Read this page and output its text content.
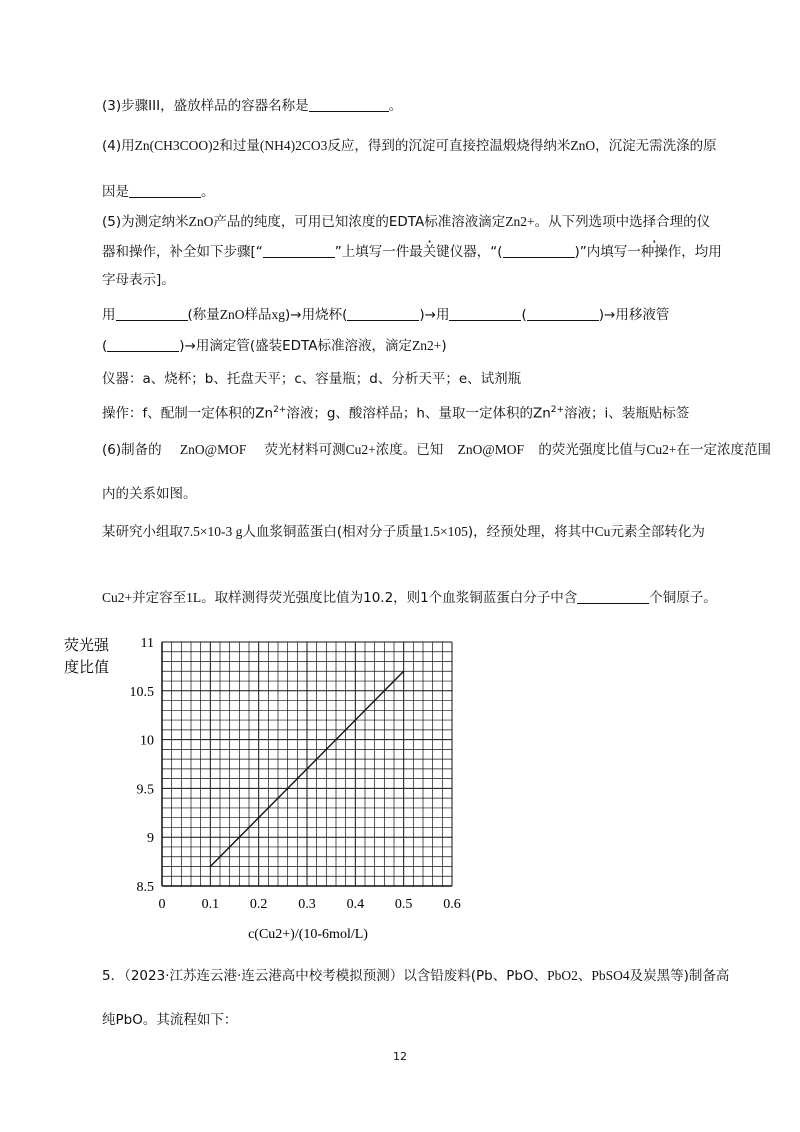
(3)步骤III，盛放样品的容器名称是	。
(4)用Zn(CH3COO)2和过量(NH4)2CO3反应，得到的沉淀可直接控温煅烧得纳米ZnO，沉淀无需洗涤的原
因是	。
(5)为测定纳米ZnO产品的纯度，可用已知浓度的EDTA标准溶液滴定Zn2+。从下列选项中选择合理的仪
器和操作，补全如下步骤[“	”上填写一件最关键仪器 ·，“(	)”内填写一种操作，均用
字母表示]。
用	(称量ZnO样品xg)→用烧杯(	)→用	(	)→用移液管
(	)→用滴定管(盛装EDTA标准溶液，滴定Zn2+)
仪器：a、烧杯；b、托盘天平；c、容量瓶；d、分析天平；e、试剂瓶
操作：f、配制一定体积的$Zn^{2+}$溶液；g、酸溶样品；h、量取一定体积的$Zn^{2+}$溶液；i、装瓶贴标签
(6)制备的 ZnO@MOF 荧光材料可测Cu2+浓度。已知 ZnO@MOF 的荧光强度比值与Cu2+在一定浓度范围
内的关系如图。
某研究小组取7.5×10-3 g人血浆铜蓝蛋白(相对分子质量1.5×105)，经预处理，将其中Cu元素全部转化为
Cu2+并定容至1L。取样测得荧光强度比值为10.2，则1个血浆铜蓝蛋白分子中含	个铜原子。
0	0.1 0.2 0.3 0.4 0.5 0.6
8.5
9
9.5
10
10.5
11
荧光强
度比值
c(Cu2+)/(10-6mol/L)
5．（2023·江苏连云港·连云港高中校考模拟预测）以含铅废料(Pb、PbO、PbO2、PbSO4及炭黑等)制备高
纯PbO。其流程如下：
12
